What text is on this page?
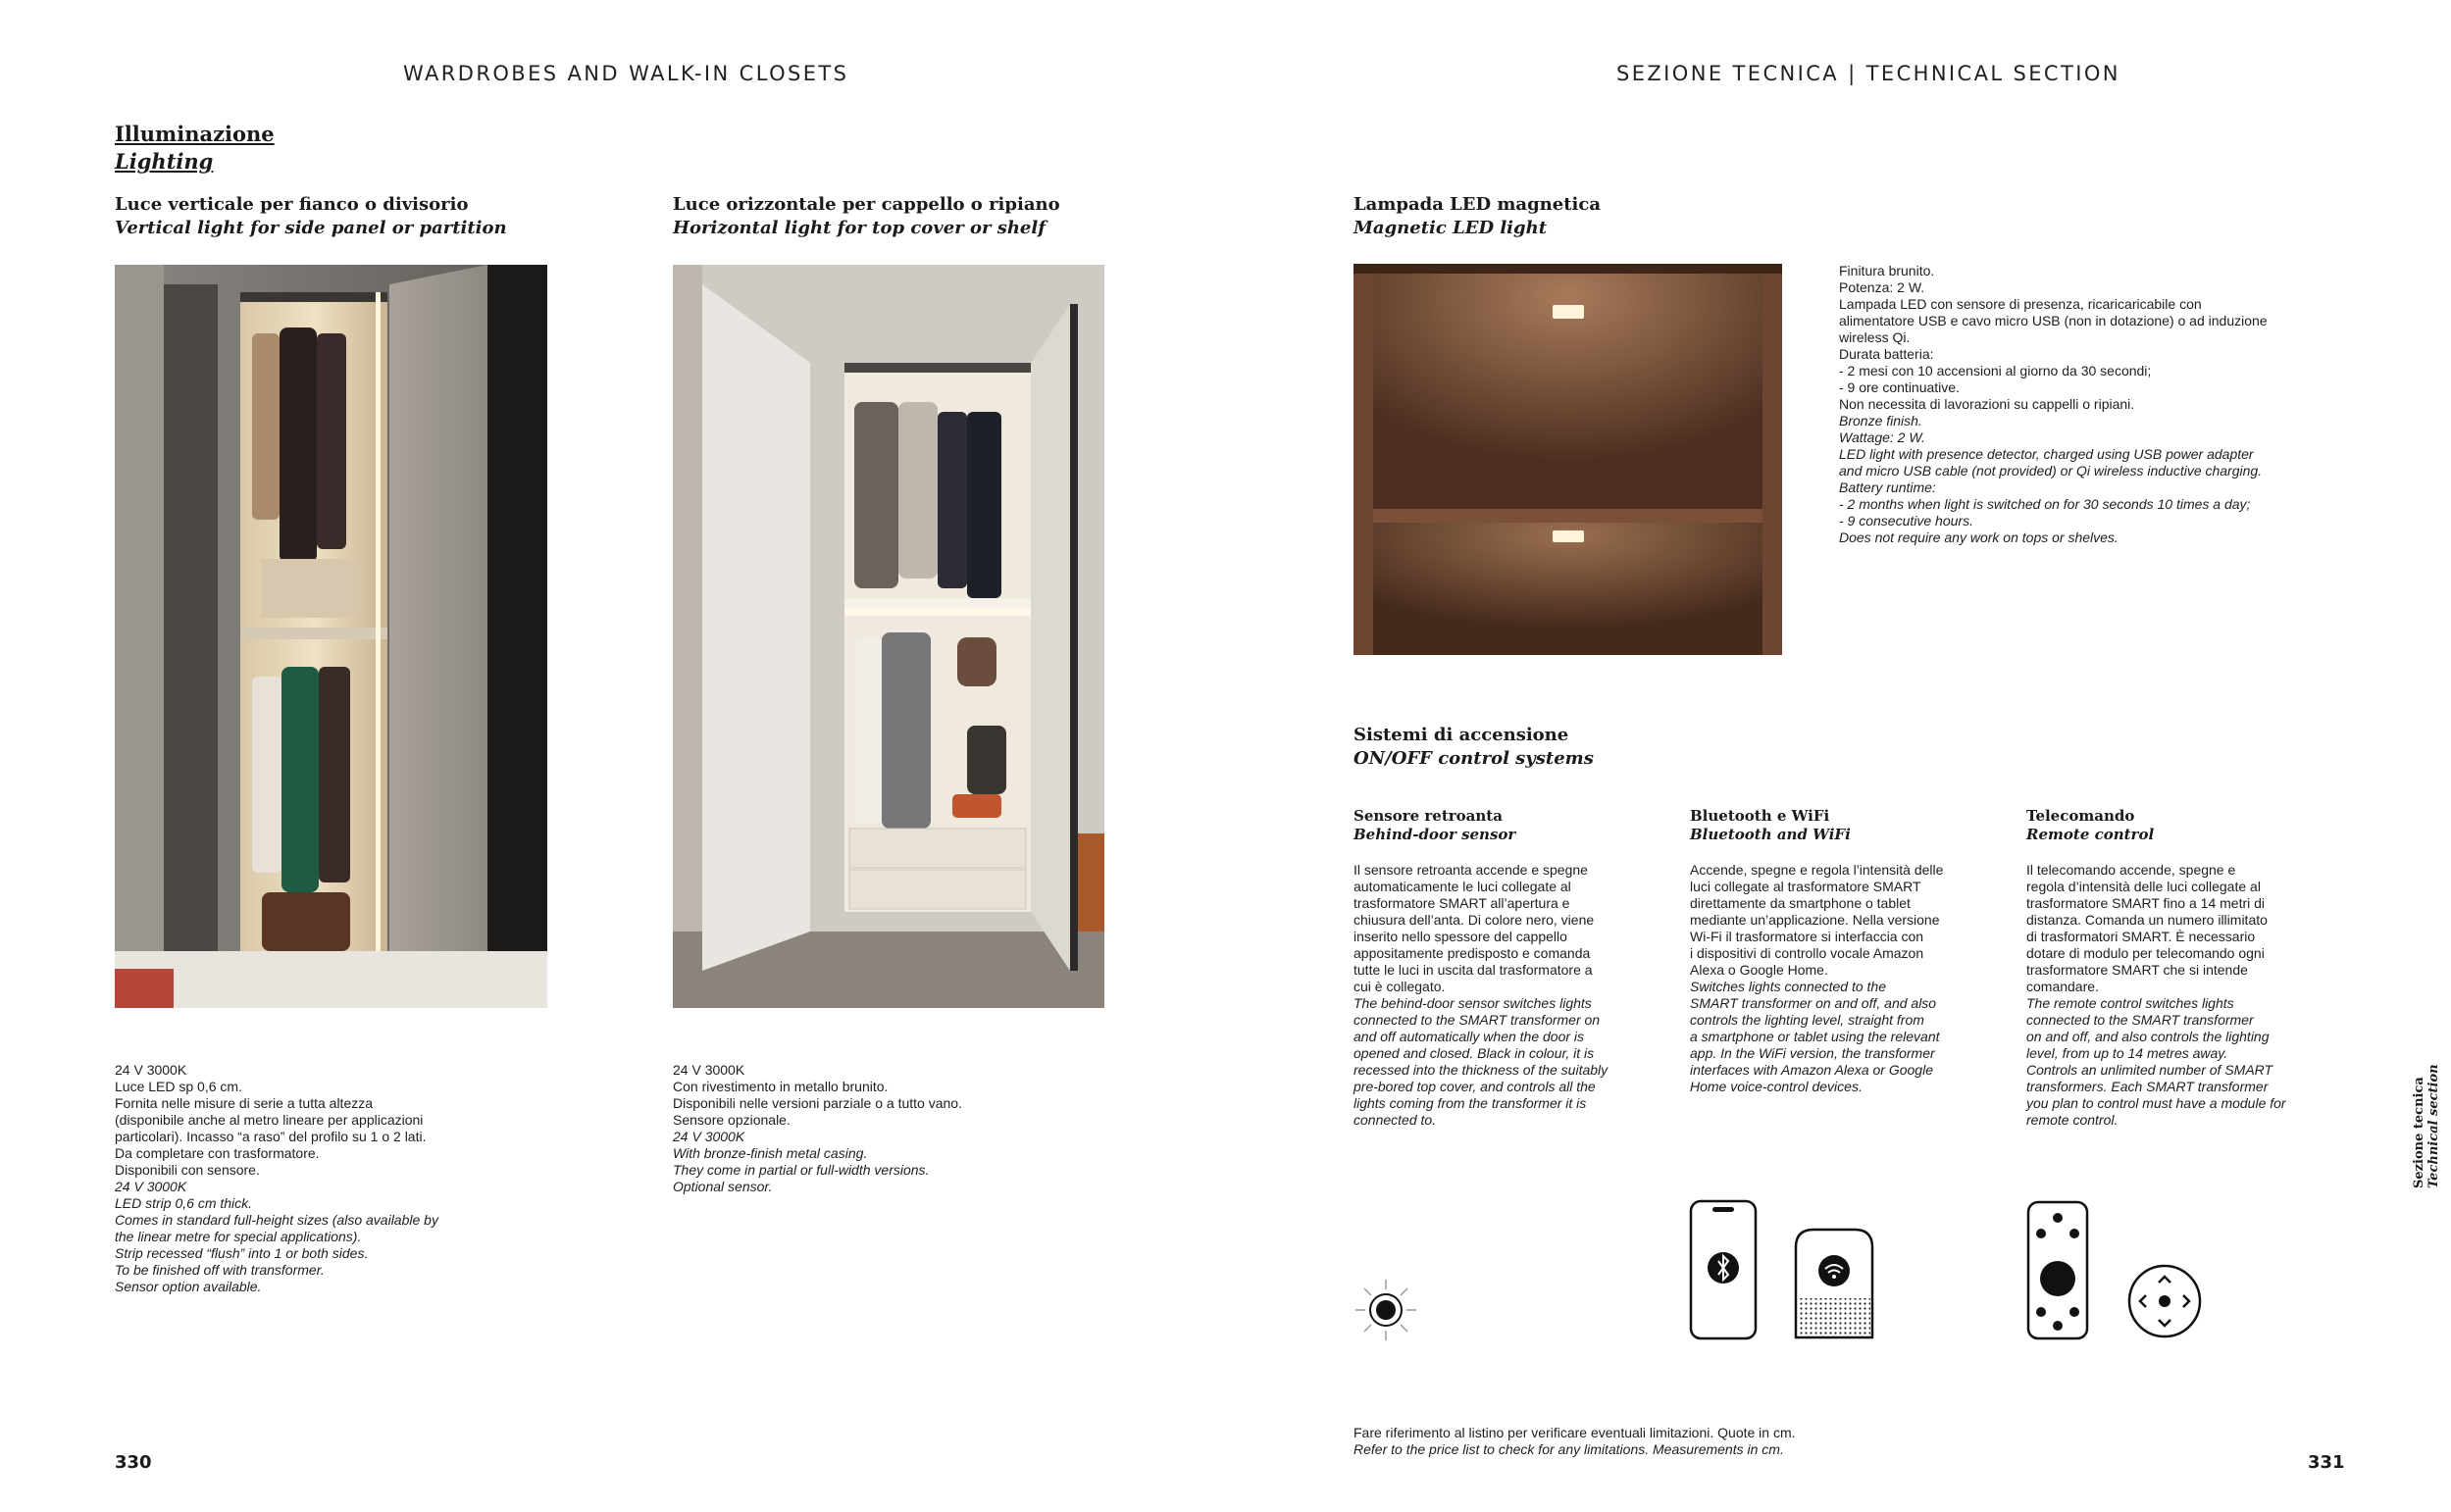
WARDROBES AND WALK-IN CLOSETS	SEZIONE TECNICA | TECHNICAL SECTION
Illuminazione
Lighting
Luce verticale per fianco o divisorio
Vertical light for side panel or partition
24 V 3000K
Luce LED sp 0,6 cm.
Fornita nelle misure di serie a tutta altezza
(disponibile anche al metro lineare per applicazioni
particolari). Incasso “a raso” del profilo su 1 o 2 lati.
Da completare con trasformatore.
Disponibili con sensore.
24 V 3000K
LED strip 0,6 cm thick.
Comes in standard full-height sizes (also available by
the linear metre for special applications).
Strip recessed “flush” into 1 or both sides.
To be finished off with transformer.
Sensor option available.
Luce orizzontale per cappello o ripiano
Horizontal light for top cover or shelf
24 V 3000K
Con rivestimento in metallo brunito.
Disponibili nelle versioni parziale o a tutto vano.
Sensore opzionale.
24 V 3000K
With bronze-finish metal casing.
They come in partial or full-width versions.
Optional sensor.
Lampada LED magnetica
Magnetic LED light
Finitura brunito.
Potenza: 2 W.
Lampada LED con sensore di presenza, ricaricaricabile con
alimentatore USB e cavo micro USB (non in dotazione) o ad induzione
wireless Qi.
Durata batteria:
- 2 mesi con 10 accensioni al giorno da 30 secondi;
- 9 ore continuative.
Non necessita di lavorazioni su cappelli o ripiani.
Bronze finish.
Wattage: 2 W.
LED light with presence detector, charged using USB power adapter
and micro USB cable (not provided) or Qi wireless inductive charging.
Battery runtime:
- 2 months when light is switched on for 30 seconds 10 times a day;
- 9 consecutive hours.
Does not require any work on tops or shelves.
Sistemi di accensione
ON/OFF control systems
Sensore retroanta
Behind-door sensor
Il sensore retroanta accende e spegne
automaticamente le luci collegate al
trasformatore SMART all’apertura e
chiusura dell’anta. Di colore nero, viene
inserito nello spessore del cappello
appositamente predisposto e comanda
tutte le luci in uscita dal trasformatore a
cui è collegato.
The behind-door sensor switches lights
connected to the SMART transformer on
and off automatically when the door is
opened and closed. Black in colour, it is
recessed into the thickness of the suitably
pre-bored top cover, and controls all the
lights coming from the transformer it is
connected to.
Bluetooth e WiFi
Bluetooth and WiFi
Accende, spegne e regola l’intensità delle
luci collegate al trasformatore SMART
direttamente da smartphone o tablet
mediante un’applicazione. Nella versione
Wi-Fi il trasformatore si interfaccia con
i dispositivi di controllo vocale Amazon
Alexa o Google Home.
Switches lights connected to the
SMART transformer on and off, and also
controls the lighting level, straight from
a smartphone or tablet using the relevant
app. In the WiFi version, the transformer
interfaces with Amazon Alexa or Google
Home voice-control devices.
Telecomando
Remote control
Il telecomando accende, spegne e
regola d’intensità delle luci collegate al
trasformatore SMART fino a 14 metri di
distanza. Comanda un numero illimitato
di trasformatori SMART. È necessario
dotare di modulo per telecomando ogni
trasformatore SMART che si intende
comandare.
The remote control switches lights
connected to the SMART transformer
on and off, and also controls the lighting
level, from up to 14 metres away.
Controls an unlimited number of SMART
transformers. Each SMART transformer
you plan to control must have a module for
remote control.
Fare riferimento al listino per verificare eventuali limitazioni. Quote in cm.
Refer to the price list to check for any limitations. Measurements in cm.
330	331
Sezione tecnica Technical section
